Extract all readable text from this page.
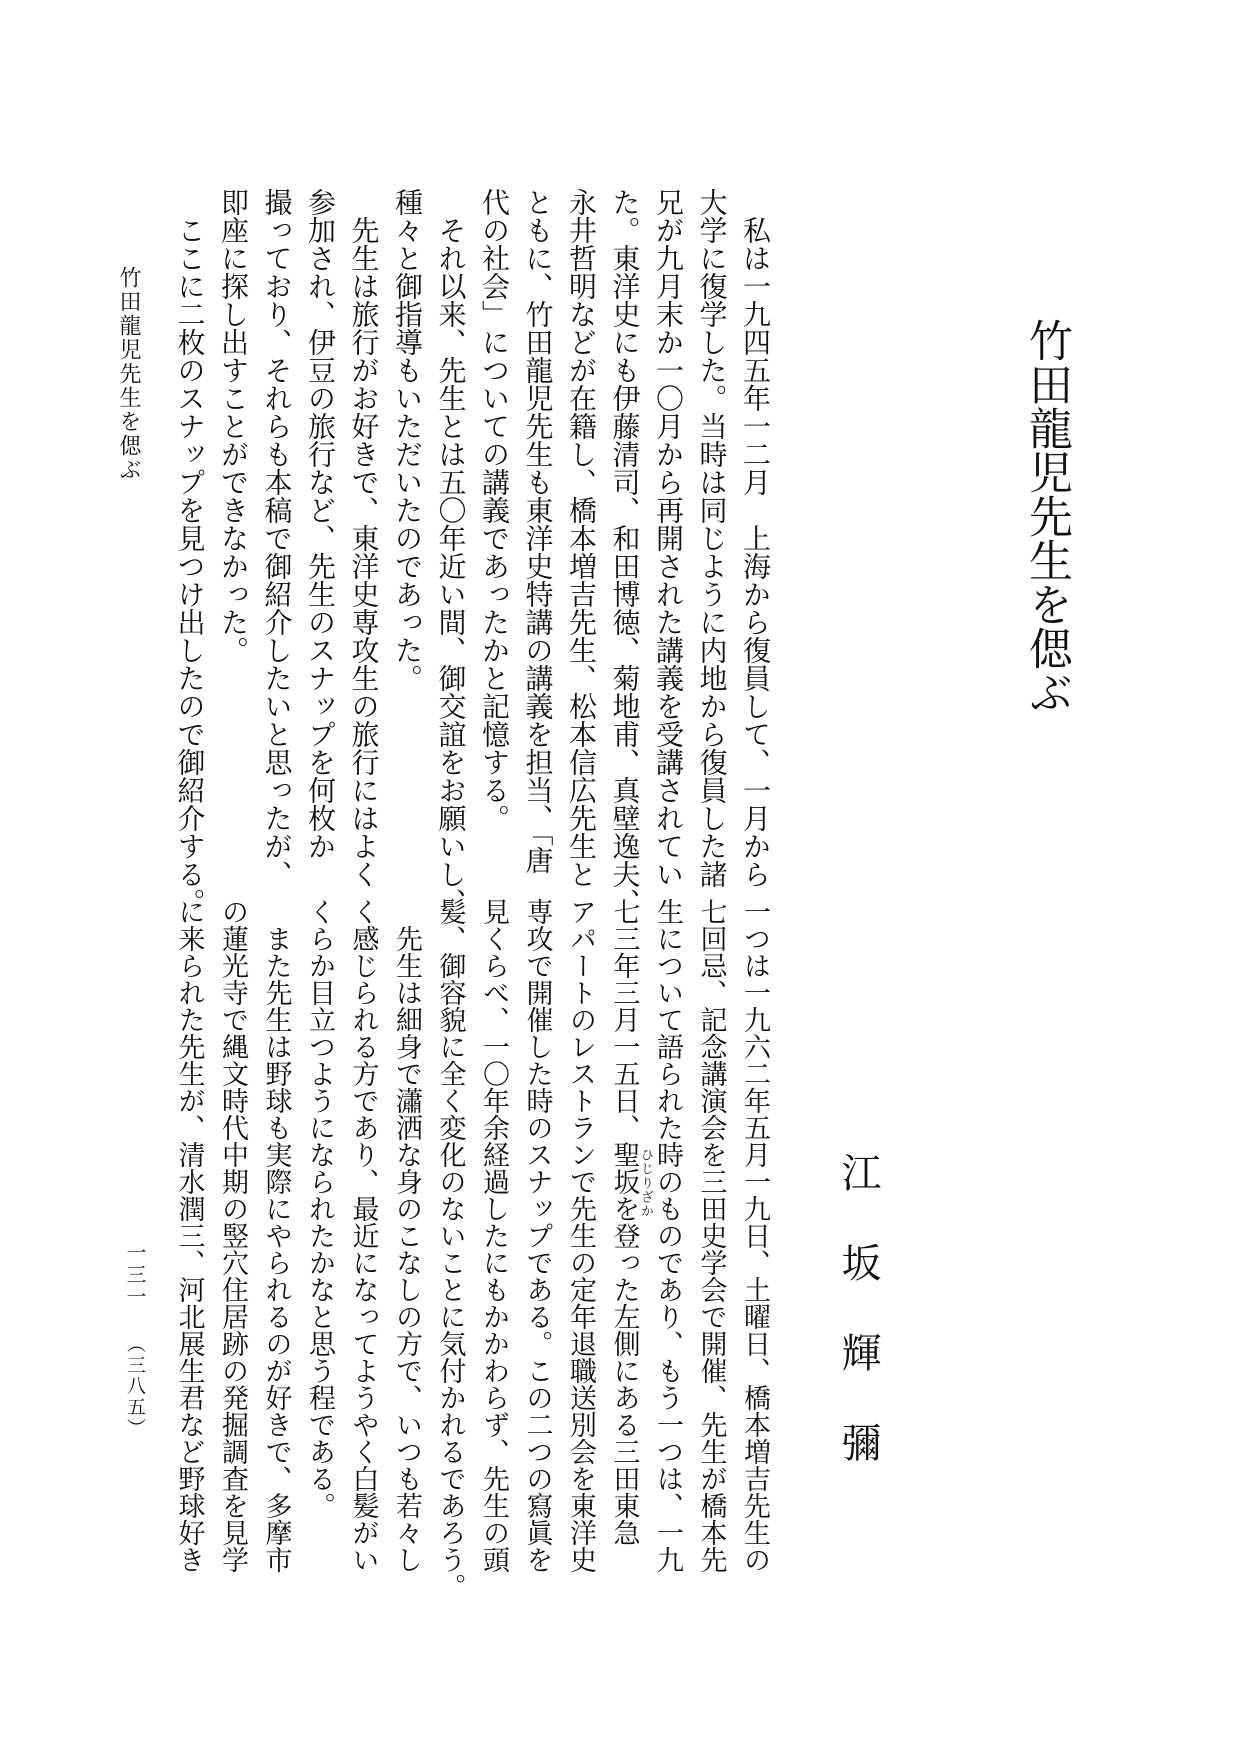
竹田龍児先生を偲ぶ
竹田龍児先生を偲ぶ	　私は一九四五年一二月　上海から復員して、一月から
大学に復学した。当時は同じように内地から復員した諸
兄が九月末か一〇月から再開された講義を受講されてい
た。東洋史にも伊藤清司、和田博徳、菊地甫、真壁逸夫、
永井哲明などが在籍し、橋本増吉先生、松本信広先生と
ともに、竹田龍児先生も東洋史特講の講義を担当、「唐
代の社会」についての講義であったかと記憶する。
　それ以来、先生とは五〇年近い間、御交誼をお願いし、
種々と御指導もいただいたのであった。
　先生は旅行がお好きで、東洋史専攻生の旅行にはよく
参加され、伊豆の旅行など、先生のスナップを何枚か
撮っており、それらも本稿で御紹介したいと思ったが、
即座に探し出すことができなかった。
　ここに二枚のスナップを見つけ出したので御紹介する。
江坂輝彌
一つは一九六二年五月一九日、土曜日、橋本増吉先生の
七回忌、記念講演会を三田史学会で開催、先生が橋本先
生について語られた時のものであり、もう一つは、一九
七三年三月一五日、聖坂を登った左側にある三田東急
アパートのレストランで先生の定年退職送別会を東洋史
専攻で開催した時のスナップである。この二つの寫眞を
見くらべ、一〇年余経過したにもかかわらず、先生の頭
髪、御容貌に全く変化のないことに気付かれるであろう。
　先生は細身で瀟洒な身のこなしの方で、いつも若々し
く感じられる方であり、最近になってようやく白髪がい
くらか目立つようになられたかなと思う程である。
　また先生は野球も実際にやられるのが好きで、多摩市
の蓮光寺で縄文時代中期の竪穴住居跡の発掘調査を見学
に来られた先生が、清水潤三、河北展生君など野球好き	ひじりざか
一三一（三八五）
